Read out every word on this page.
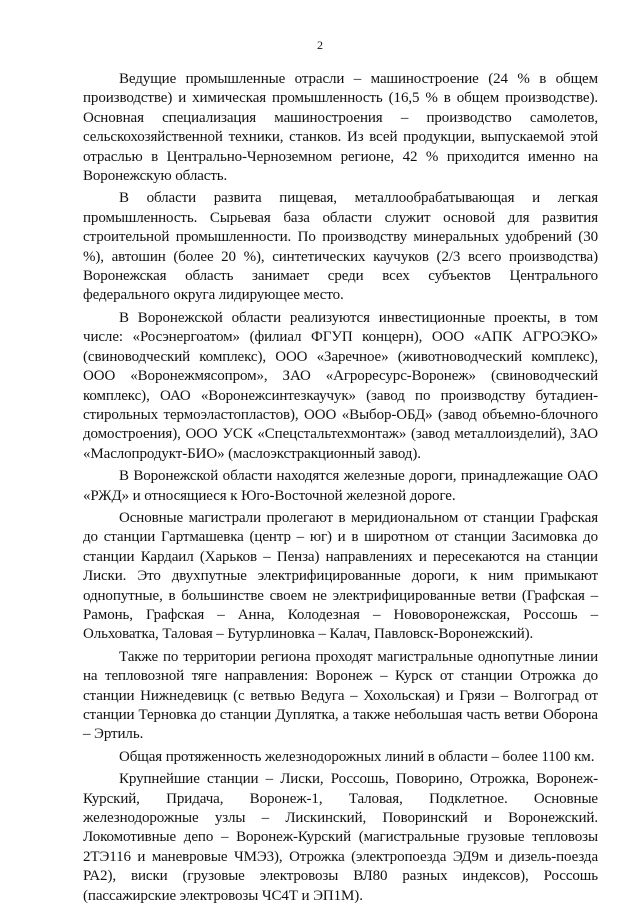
2

Ведущие промышленные отрасли – машиностроение (24 % в общем производстве) и химическая промышленность (16,5 % в общем производстве). Основная специализация машиностроения – производство самолетов, сельскохозяйственной техники, станков. Из всей продукции, выпускаемой этой отраслью в Центрально-Черноземном регионе, 42 % приходится именно на Воронежскую область.

В области развита пищевая, металлообрабатывающая и легкая промышленность. Сырьевая база области служит основой для развития строительной промышленности. По производству минеральных удобрений (30 %), автошин (более 20 %), синтетических каучуков (2/3 всего производства) Воронежская область занимает среди всех субъектов Центрального федерального округа лидирующее место.

В Воронежской области реализуются инвестиционные проекты, в том числе: «Росэнергоатом» (филиал ФГУП концерн), ООО «АПК АГРОЭКО» (свиноводческий комплекс), ООО «Заречное» (животноводческий комплекс), ООО «Воронежмясопром», ЗАО «Агроресурс-Воронеж» (свиноводческий комплекс), ОАО «Воронежсинтезкаучук» (завод по производству бутадиен-стирольных термоэластопластов), ООО «Выбор-ОБД» (завод объемно-блочного домостроения), ООО УСК «Спецстальтехмонтаж» (завод металлоизделий), ЗАО «Маслопродукт-БИО» (маслоэкстракционный завод).

В Воронежской области находятся железные дороги, принадлежащие ОАО «РЖД» и относящиеся к Юго-Восточной железной дороге.

Основные магистрали пролегают в меридиональном от станции Графская до станции Гартмашевка (центр – юг) и в широтном от станции Засимовка до станции Кардаил (Харьков – Пенза) направлениях и пересекаются на станции Лиски. Это двухпутные электрифицированные дороги, к ним примыкают однопутные, в большинстве своем не электрифицированные ветви (Графская – Рамонь, Графская – Анна, Колодезная – Нововоронежская, Россошь – Ольховатка, Таловая – Бутурлиновка – Калач, Павловск-Воронежский).

Также по территории региона проходят магистральные однопутные линии на тепловозной тяге направления: Воронеж – Курск от станции Отрожка до станции Нижнедевицк (с ветвью Ведуга – Хохольская) и Грязи – Волгоград от станции Терновка до станции Дуплятка, а также небольшая часть ветви Оборона – Эртиль.

Общая протяженность железнодорожных линий в области – более 1100 км.

Крупнейшие станции – Лиски, Россошь, Поворино, Отрожка, Воронеж-Курский, Придача, Воронеж-1, Таловая, Подклетное. Основные железнодорожные узлы – Лискинский, Поворинский и Воронежский. Локомотивные депо – Воронеж-Курский (магистральные грузовые тепловозы 2ТЭ116 и маневровые ЧМЭ3), Отрожка (электропоезда ЭД9м и дизель-поезда РА2), виски (грузовые электровозы ВЛ80 разных индексов), Россошь (пассажирские электровозы ЧС4Т и ЭП1М).
